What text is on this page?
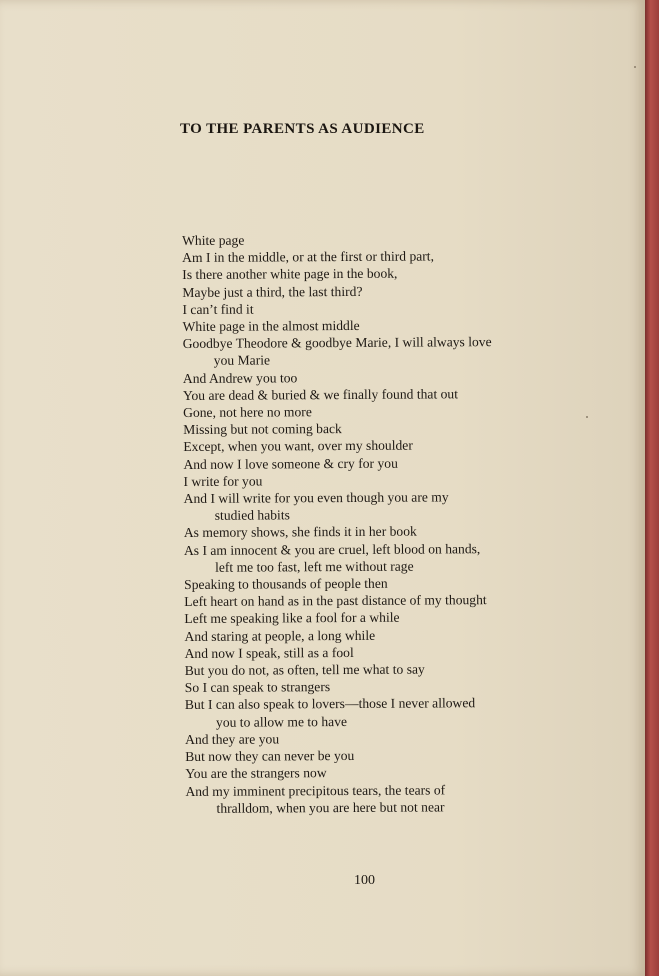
TO THE PARENTS AS AUDIENCE
White page
Am I in the middle, or at the first or third part,
Is there another white page in the book,
Maybe just a third, the last third?
I can’t find it
White page in the almost middle
Goodbye Theodore & goodbye Marie, I will always love
you Marie
And Andrew you too
You are dead & buried & we finally found that out
Gone, not here no more
Missing but not coming back
Except, when you want, over my shoulder
And now I love someone & cry for you
I write for you
And I will write for you even though you are my
studied habits
As memory shows, she finds it in her book
As I am innocent & you are cruel, left blood on hands,
left me too fast, left me without rage
Speaking to thousands of people then
Left heart on hand as in the past distance of my thought
Left me speaking like a fool for a while
And staring at people, a long while
And now I speak, still as a fool
But you do not, as often, tell me what to say
So I can speak to strangers
But I can also speak to lovers—those I never allowed
you to allow me to have
And they are you
But now they can never be you
You are the strangers now
And my imminent precipitous tears, the tears of
thralldom, when you are here but not near
100
